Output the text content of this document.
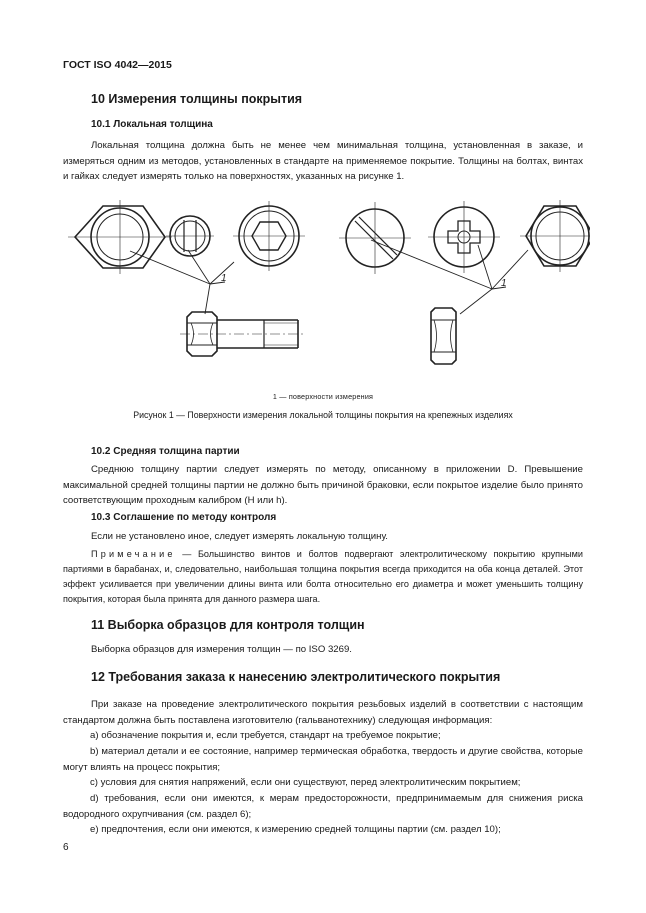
ГОСТ ISO 4042—2015
10 Измерения толщины покрытия
10.1 Локальная толщина
Локальная толщина должна быть не менее чем минимальная толщина, установленная в заказе, и измеряться одним из методов, установленных в стандарте на применяемое покрытие. Толщины на болтах, винтах и гайках следует измерять только на поверхностях, указанных на рисунке 1.
1	1
1 — поверхности измерения
Рисунок 1 — Поверхности измерения локальной толщины покрытия на крепежных изделиях
10.2 Средняя толщина партии
Среднюю толщину партии следует измерять по методу, описанному в приложении D. Превышение максимальной средней толщины партии не должно быть причиной браковки, если покрытое изделие было принято соответствующим проходным калибром (H или h).
10.3 Соглашение по методу контроля
Если не установлено иное, следует измерять локальную толщину.
Примечание — Большинство винтов и болтов подвергают электролитическому покрытию крупными партиями в барабанах, и, следовательно, наибольшая толщина покрытия всегда приходится на оба конца деталей. Этот эффект усиливается при увеличении длины винта или болта относительно его диаметра и может уменьшить толщину покрытия, которая была принята для данного размера шага.
11 Выборка образцов для контроля толщин
Выборка образцов для измерения толщин — по ISO 3269.
12 Требования заказа к нанесению электролитического покрытия
При заказе на проведение электролитического покрытия резьбовых изделий в соответствии с настоящим стандартом должна быть поставлена изготовителю (гальванотехнику) следующая информация:
a) обозначение покрытия и, если требуется, стандарт на требуемое покрытие;
b) материал детали и ее состояние, например термическая обработка, твердость и другие свойства, которые могут влиять на процесс покрытия;
c) условия для снятия напряжений, если они существуют, перед электролитическим покрытием;
d) требования, если они имеются, к мерам предосторожности, предпринимаемым для снижения риска водородного охрупчивания (см. раздел 6);
e) предпочтения, если они имеются, к измерению средней толщины партии (см. раздел 10);
6
